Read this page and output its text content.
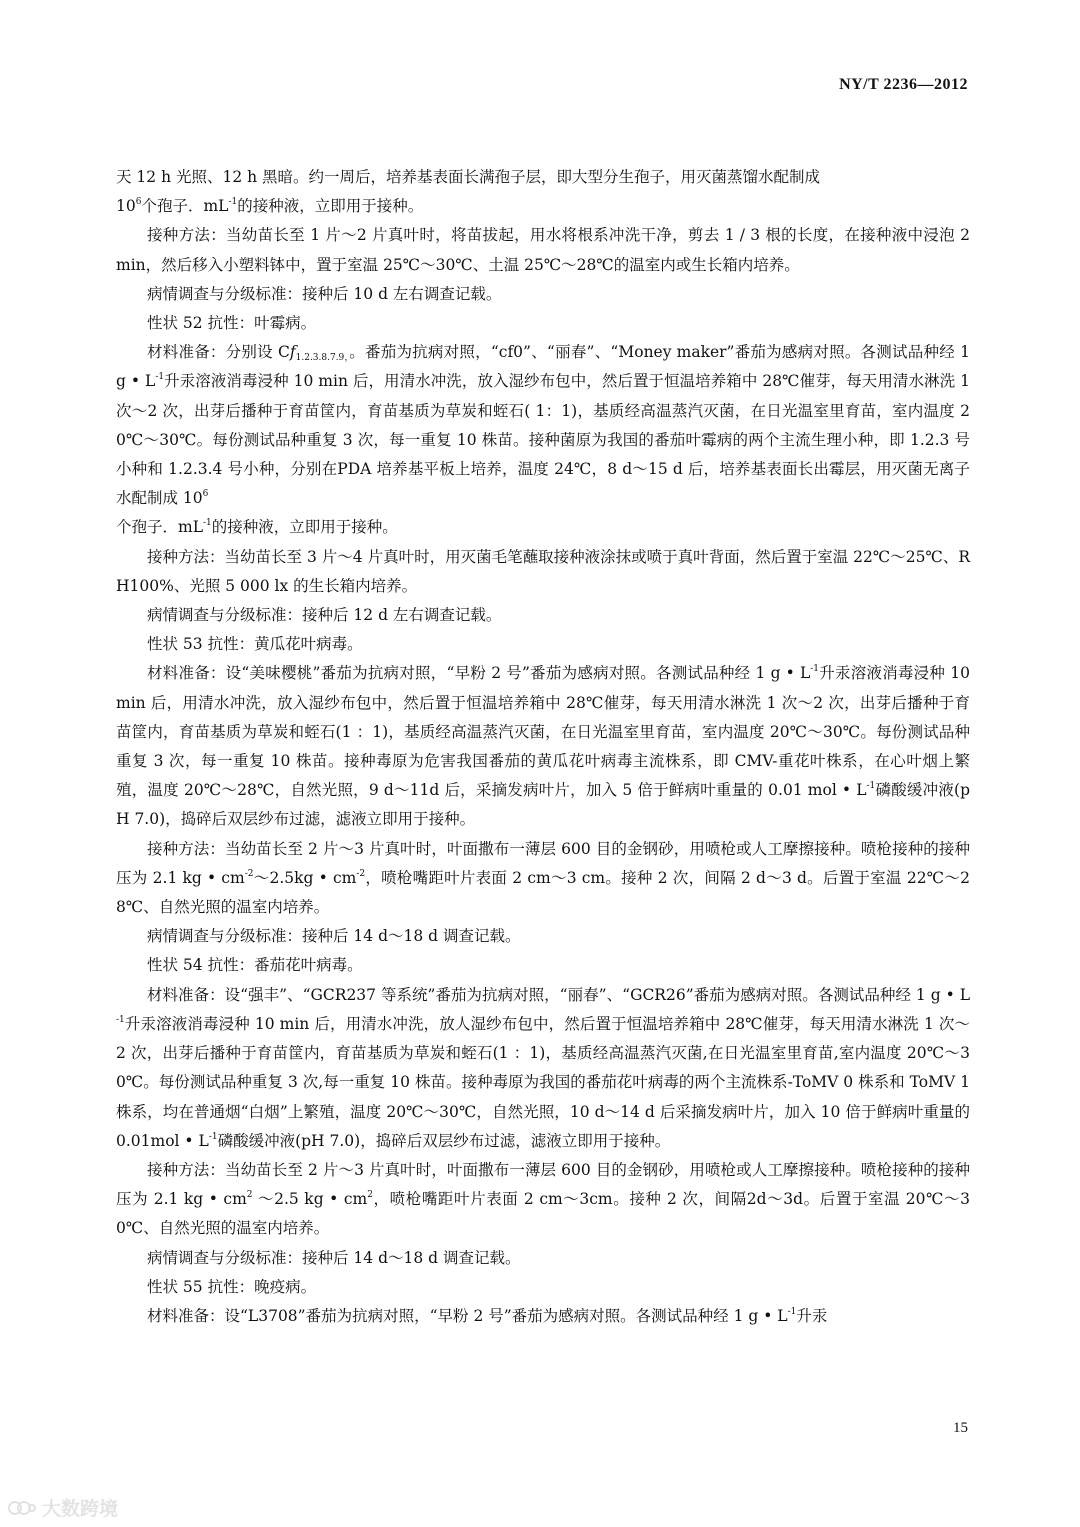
NY/T 2236—2012

天 12 h 光照、12 h 黑暗。约一周后，培养基表面长满孢子层，即大型分生孢子，用灭菌蒸馏水配制成
$10^6$个孢子．$mL^{-1}$的接种液，立即用于接种。

接种方法：当幼苗长至 1 片～2 片真叶时，将苗拔起，用水将根系冲洗干净，剪去 1 / 3 根的长度，在接种液中浸泡 2 min，然后移入小塑料钵中，置于室温 25℃～30℃、土温 25℃～28℃的温室内或生长箱内培养。

病情调查与分级标准：接种后 10 d 左右调查记载。

性状 52 抗性：叶霉病。

材料准备：分别设 $Cf_{1.2.3.8.7.9,}$。番茄为抗病对照，“cf0”、“丽春”、“Money maker”番茄为感病对照。各测试品种经 1 g • $L^{-1}$升汞溶液消毒浸种 10 min 后，用清水冲洗，放入湿纱布包中，然后置于恒温培养箱中 28℃催芽，每天用清水淋洗 1 次～2 次，出芽后播种于育苗筐内，育苗基质为草炭和蛭石( 1：1)，基质经高温蒸汽灭菌，在日光温室里育苗，室内温度 20℃～30℃。每份测试品种重复 3 次，每一重复 10 株苗。接种菌原为我国的番茄叶霉病的两个主流生理小种，即 1.2.3 号小种和 1.2.3.4 号小种，分别在PDA 培养基平板上培养，温度 24℃，8 d～15 d 后，培养基表面长出霉层，用灭菌无离子水配制成 $10^6$
个孢子．$mL^{-1}$的接种液，立即用于接种。

接种方法：当幼苗长至 3 片～4 片真叶时，用灭菌毛笔蘸取接种液涂抹或喷于真叶背面，然后置于室温 22℃～25℃、RH100%、光照 5 000 lx 的生长箱内培养。

病情调查与分级标准：接种后 12 d 左右调查记载。

性状 53 抗性：黄瓜花叶病毒。

材料准备：设“美味樱桃”番茄为抗病对照，“早粉 2 号”番茄为感病对照。各测试品种经 1 g • $L^{-1}$升汞溶液消毒浸种 10 min 后，用清水冲洗，放入湿纱布包中，然后置于恒温培养箱中 28℃催芽，每天用清水淋洗 1 次～2 次，出芽后播种于育苗筐内，育苗基质为草炭和蛭石(1 ：1)，基质经高温蒸汽灭菌，在日光温室里育苗，室内温度 20℃～30℃。每份测试品种重复 3 次，每一重复 10 株苗。接种毒原为危害我国番茄的黄瓜花叶病毒主流株系，即 CMV-重花叶株系，在心叶烟上繁殖，温度 20℃～28℃，自然光照，9 d～11d 后，采摘发病叶片，加入 5 倍于鲜病叶重量的 0.01 mol • $L^{-1}$磷酸缓冲液(pH 7.0)，捣碎后双层纱布过滤，滤液立即用于接种。

接种方法：当幼苗长至 2 片～3 片真叶时，叶面撒布一薄层 600 目的金钢砂，用喷枪或人工摩擦接种。喷枪接种的接种压为 2.1 kg • $cm^{-2}\sim 2.5kg$ • $cm^{-2}$，喷枪嘴距叶片表面 2 cm～3 cm。接种 2 次，间隔 2 d～3 d。后置于室温 22℃～28℃、自然光照的温室内培养。

病情调查与分级标准：接种后 14 d～18 d 调查记载。

性状 54 抗性：番茄花叶病毒。

材料准备：设“强丰”、“GCR237 等系统”番茄为抗病对照，“丽春”、“GCR26”番茄为感病对照。各测试品种经 1 g • $L^{-1}$升汞溶液消毒浸种 10 min 后，用清水冲洗，放人湿纱布包中，然后置于恒温培养箱中 28℃催芽，每天用清水淋洗 1 次～2 次，出芽后播种于育苗筐内，育苗基质为草炭和蛭石(1 ：1)，基质经高温蒸汽灭菌,在日光温室里育苗,室内温度 20℃～30℃。每份测试品种重复 3 次,每一重复 10 株苗。接种毒原为我国的番茄花叶病毒的两个主流株系-ToMV 0 株系和 ToMV 1 株系，均在普通烟“白烟”上繁殖，温度 20℃～30℃，自然光照，10 d～14 d 后采摘发病叶片，加入 10 倍于鲜病叶重量的 0.01mol • $L^{-1}$磷酸缓冲液(pH 7.0)，捣碎后双层纱布过滤，滤液立即用于接种。

接种方法：当幼苗长至 2 片～3 片真叶时，叶面撒布一薄层 600 目的金钢砂，用喷枪或人工摩擦接种。喷枪接种的接种压为 2.1 kg • $cm^2$ ～2.5 kg • $cm^2$，喷枪嘴距叶片表面 2 cm～3cm。接种 2 次，间隔2d～3d。后置于室温 20℃～30℃、自然光照的温室内培养。

病情调查与分级标准：接种后 14 d～18 d 调查记载。

性状 55 抗性：晚疫病。

材料准备：设“L3708”番茄为抗病对照，“早粉 2 号”番茄为感病对照。各测试品种经 1 g • $L^{-1}$升汞

15
大数跨境
